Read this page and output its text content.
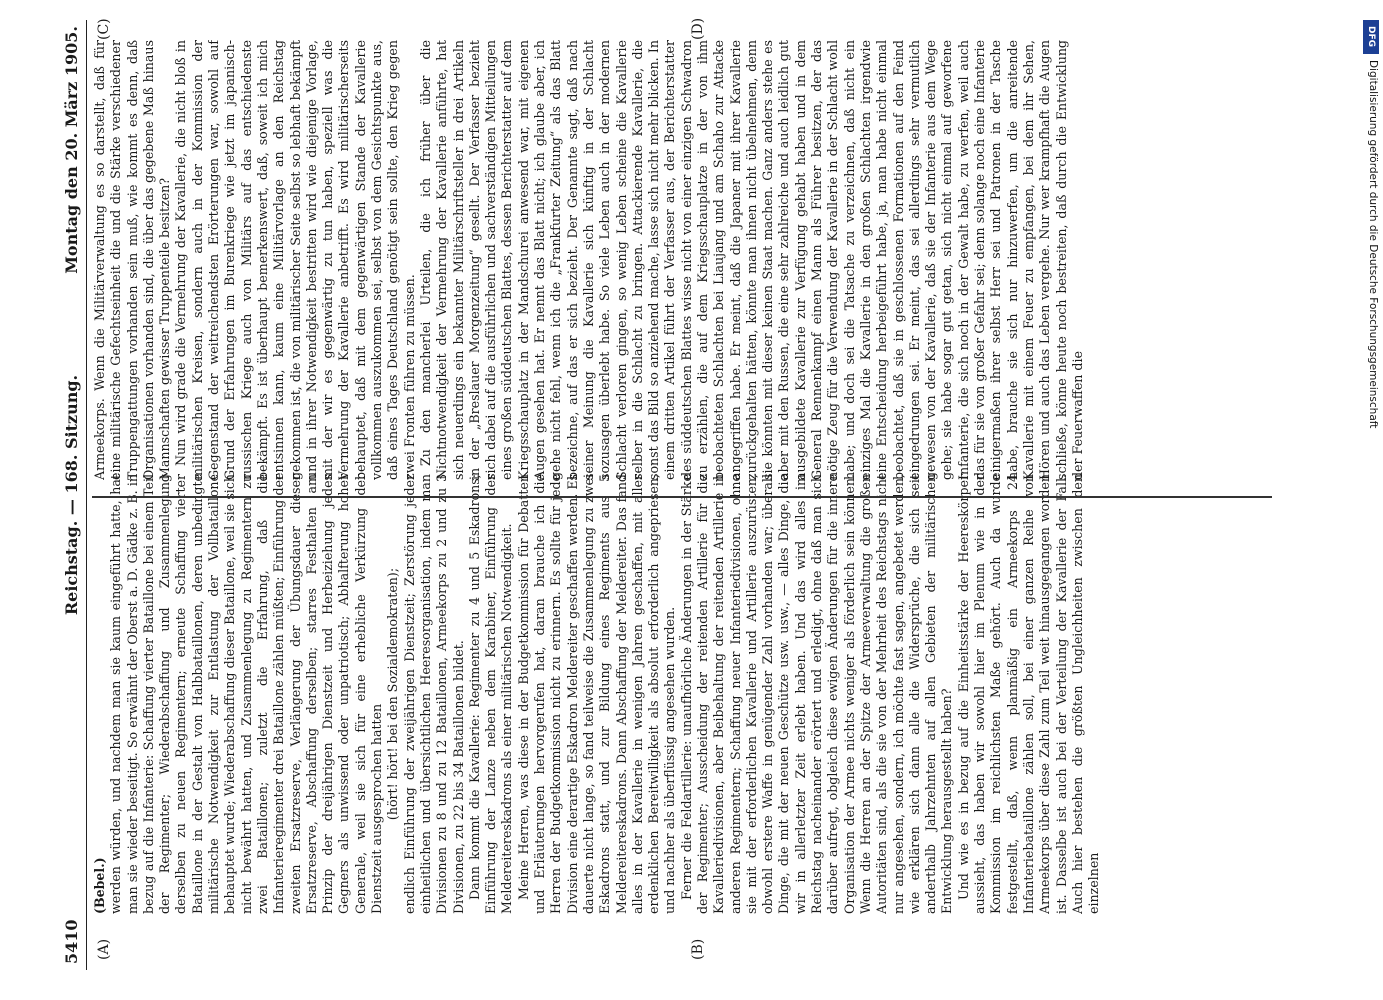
5410
Reichstag. — 168. Sitzung.
Montag den 20. März 1905.
(A)	(B)
(C)	(D)

(Bebel.) werden würden, und nachdem man sie kaum eingeführt hatte, hat man sie wieder beseitigt. So erwähnt der Oberst a. D. Gädke z. B. in bezug auf die Infanterie: Schaffung vierter Bataillone bei einem Teil der Regimenter; Wiederabschaffung und Zusammenlegung derselben zu neuen Regimentern; erneute Schaffung vierter Bataillone in der Gestalt von Halbbataillonen, deren unbedingte militärische Notwendigkeit zur Entlastung der Vollbataillone behauptet wurde; Wiederabschaffung dieser Bataillone, weil sie sich nicht bewährt hatten, und Zusammenlegung zu Regimentern zu zwei Bataillonen; zuletzt die Erfahrung, daß die Infanterieregimenter drei Bataillone zählen müßten; Einführung der zweiten Ersatzreserve, Verlängerung der Übungsdauer dieser Ersatzreserve, Abschaffung derselben; starres Festhalten am Prinzip der dreijährigen Dienstzeit und Herbeiziehung jedes Gegners als unwissend oder unpatriotisch; Abhalfterung hoher Generale, weil sie sich für eine erhebliche Verkürzung der Dienstzeit ausgesprochen hatten (hört! hört! bei den Sozialdemokraten); endlich Einführung der zweijährigen Dienstzeit; Zerstörung jeder einheitlichen und übersichtlichen Heeresorganisation, indem man Divisionen zu 8 und zu 12 Bataillonen, Armeekorps zu 2 und zu 3 Divisionen, zu 22 bis 34 Bataillonen bildet. Dann kommt die Kavallerie: Regimenter zu 4 und 5 Eskadrons; Einführung der Lanze neben dem Karabiner, Einführung der Meldereitereskadrons als einer militärischen Notwendigkeit. Meine Herren, was diese in der Budgetkommission für Debatten und Erläuterungen hervorgerufen hat, daran brauche ich die Herren der Budgetkommission nicht zu erinnern. Es sollte für jede Division eine derartige Eskadron Meldereiter geschaffen werden. Es dauerte nicht lange, so fand teilweise die Zusammenlegung zu zwei Eskadrons statt, und zur Bildung eines Regiments aus 5 Meldereitereskadrons. Dann Abschaffung der Meldereiter. Das fand alles in der Kavallerie in wenigen Jahren geschaffen, mit aller erdenklichen Bereitwilligkeit als absolut erforderlich angepriesen, und nachher als überflüssig angesehen wurden. Ferner die Feldartillerie: unaufhörliche Änderungen in der Stärke der Regimenter; Ausscheidung der reitenden Artillerie für die Kavalleriedivisionen, aber Beibehaltung der reitenden Artillerie in anderen Regimentern; Schaffung neuer Infanteriedivisionen, ohne sie mit der erforderlichen Kavallerie und Artillerie auszurüsten, obwohl erstere Waffe in genügender Zahl vorhanden war; überall Dinge, die mit der neuen Geschütze usw. usw., — alles Dinge, die wir in allerletzter Zeit erlebt haben. Und das wird alles im Reichstag nacheinander erörtert und erledigt, ohne daß man sich darüber aufregt, obgleich diese ewigen Änderungen für die innere Organisation der Armee nichts weniger als förderlich sein können. Wenn die Herren an der Spitze der Armeeverwaltung die großen Autoritäten sind, als die sie von der Mehrheit des Reichstags nicht nur angesehen, sondern, ich möchte fast sagen, angebetet werden, wie erklären sich dann alle die Widersprüche, die sich seit anderthalb Jahrzehnten auf allen Gebieten der militärischen Entwicklung herausgestellt haben? Und wie es in bezug auf die Einheitsstärke der Heereskörper aussieht, das haben wir sowohl hier im Plenum wie in der Kommission im reichlichsten Maße gehört. Auch da wurde festgestellt, daß, wenn planmäßig ein Armeekorps 24 Infanteriebataillone zählen soll, bei einer ganzen Reihe von Armeekorps über diese Zahl zum Teil weit hinausgegangen worden ist. Dasselbe ist auch bei der Verteilung der Kavallerie der Fall. Auch hier bestehen die größten Ungleichheiten zwischen den einzelnen

Armeekorps. Wenn die Militärverwaltung es so darstellt, daß für eine militärische Gefechtseinheit die und die Stärke verschiedener Truppengattungen vorhanden sein muß, wie kommt es denn, daß Organisationen vorhanden sind, die über das gegebene Maß hinaus Mannschaften gewisser Truppenteile besitzen? Nun wird grade die Vermehrung der Kavallerie, die nicht bloß in militärischen Kreisen, sondern auch in der Kommission der Gegenstand der weitreichendsten Erörterungen war, sowohl auf Grund der Erfahrungen im Burenkriege wie jetzt im japanisch-russischen Kriege auch von Militärs auf das entschiedenste bekämpft. Es ist überhaupt bemerkenswert, daß, soweit ich mich entsinnen kann, kaum eine Militärvorlage an den Reichstag gekommen ist, die von militärischer Seite selbst so lebhaft bekämpft und in ihrer Notwendigkeit bestritten wird wie diejenige Vorlage, mit der wir es gegenwärtig zu tun haben, speziell was die Vermehrung der Kavallerie anbetrifft. Es wird militärischerseits behauptet, daß mit dem gegenwärtigen Stande der Kavallerie vollkommen auszukommen sei, selbst von dem Gesichtspunkte aus, daß eines Tages Deutschland genötigt sein sollte, den Krieg gegen zwei Fronten führen zu müssen. Zu den mancherlei Urteilen, die ich früher über die Nichtnotwendigkeit der Vermehrung der Kavallerie anführte, hat sich neuerdings ein bekannter Militärschriftsteller in drei Artikeln in der „Breslauer Morgenzeitung“ gesellt. Der Verfasser bezieht sich dabei auf die ausführlichen und sachverständigen Mitteilungen eines großen süddeutschen Blattes, dessen Berichterstatter auf dem Kriegsschauplatz in der Mandschurei anwesend war, mit eigenen Augen gesehen hat. Er nennt das Blatt nicht; ich glaube aber, ich gehe nicht fehl, wenn ich die „Frankfurter Zeitung“ als das Blatt bezeichne, auf das er sich bezieht. Der Genannte sagt, daß nach seiner Meinung die Kavallerie sich künftig in der Schlacht sozusagen überlebt habe. So viele Leben auch in der modernen Schlacht verloren gingen, so wenig Leben scheine die Kavallerie selber in die Schlacht zu bringen. Attackierende Kavallerie, die sonst das Bild so anziehend mache, lasse sich nicht mehr blicken. In einem dritten Artikel führt der Verfasser aus, der Berichterstatter des süddeutschen Blattes wisse nicht von einer einzigen Schwadron zu erzählen, die auf dem Kriegsschauplatze in der von ihm beobachteten Schlachten bei Liaujang und am Schaho zur Attacke angegriffen habe. Er meint, daß die Japaner mit ihrer Kavallerie zurückgehalten hätten, könnte man ihnen nicht übelnehmen, denn sie könnten mit dieser keinen Staat machen. Ganz anders stehe es aber mit den Russen, die eine sehr zahlreiche und auch leidlich gut ausgebildete Kavallerie zur Verfügung gehabt haben und in dem General Rennenkampf einen Mann als Führer besitzen, der das nötige Zeug für die Verwendung der Kavallerie in der Schlacht wohl habe; und doch sei die Tatsache zu verzeichnen, daß nicht ein einziges Mal die Kavallerie in den großen Schlachten irgendwie eine Entscheidung herbeigeführt habe, ja, man habe nicht einmal beobachtet, daß sie in geschlossenen Formationen auf den Feind eingedrungen sei. Er meint, das sei allerdings sehr vermutlich gewesen von der Kavallerie, daß sie der Infanterie aus dem Wege gehe; sie habe sogar gut getan, sich nicht einmal auf geworfene Infanterie, die sich noch in der Gewalt habe, zu werfen, weil auch das für sie von großer Gefahr sei; denn solange noch eine Infanterie einigermaßen ihrer selbst Herr sei und Patronen in der Tasche habe, brauche sie sich nur hinzuwerfen, um die anreitende Kavallerie mit einem Feuer zu empfangen, bei dem ihr Sehen, Hören und auch das Leben vergehe. Nur wer krampfhaft die Augen schließe, könne heute noch bestreiten, daß durch die Entwicklung der Feuerwaffen die

DFG
Digitalisierung gefördert durch die Deutsche Forschungsgemeinschaft
